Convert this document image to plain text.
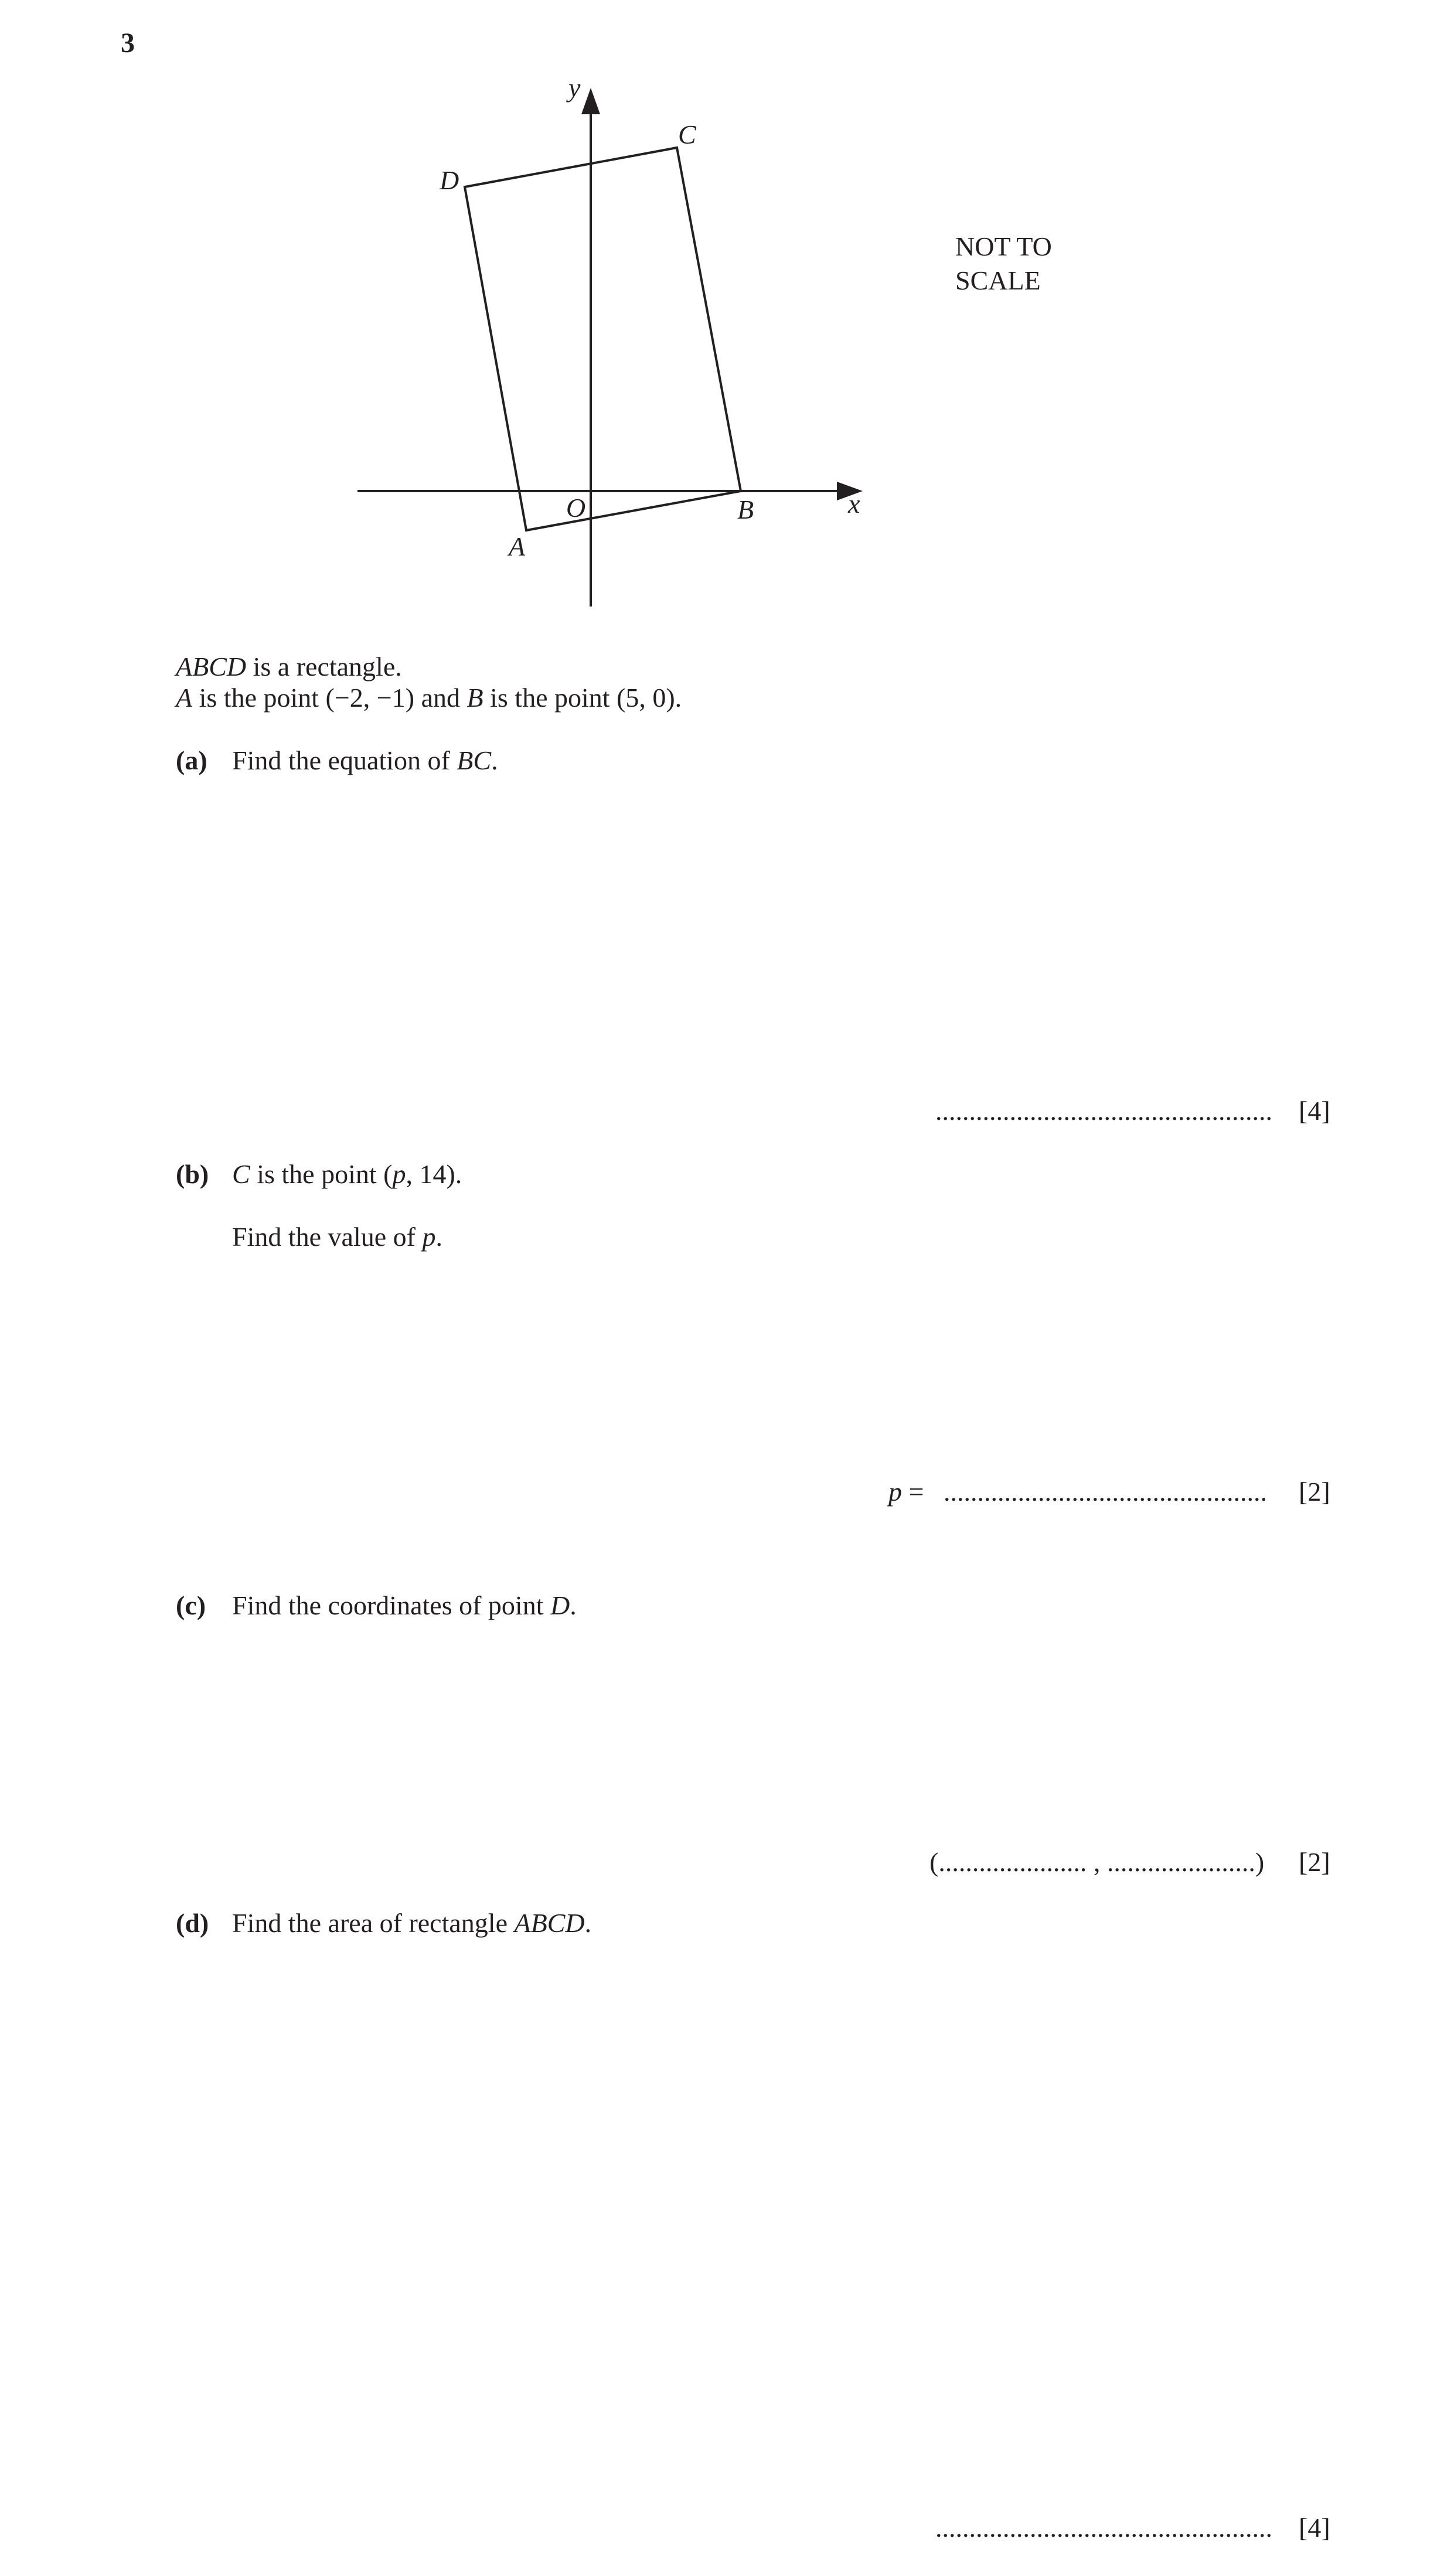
3
y
x
O
A
B
C
D
NOT TO
SCALE
ABCD is a rectangle.
A is the point (−2, −1) and B is the point (5, 0).
(a) Find the equation of BC.
.................................................. [4]
(b) C is the point (p, 14).
Find the value of p.
p = ................................................ [2]
(c) Find the coordinates of point D.
(...................... , ......................) [2]
(d) Find the area of rectangle ABCD.
.................................................. [4]
